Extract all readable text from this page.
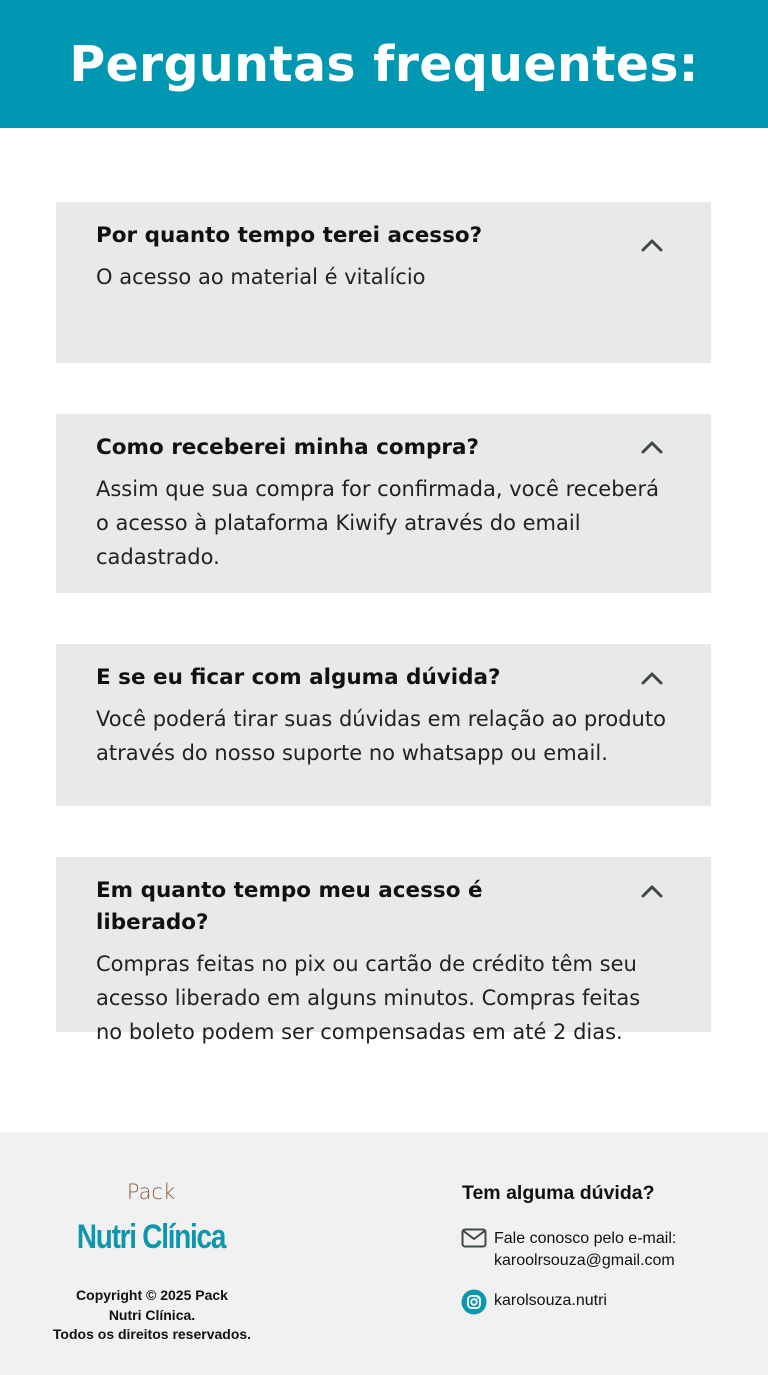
Perguntas frequentes:
Por quanto tempo terei acesso?
O acesso ao material é vitalício
Como receberei minha compra?
Assim que sua compra for confirmada, você receberá o acesso à plataforma Kiwify através do email cadastrado.
E se eu ficar com alguma dúvida?
Você poderá tirar suas dúvidas em relação ao produto através do nosso suporte no whatsapp ou email.
Em quanto tempo meu acesso é liberado?
Compras feitas no pix ou cartão de crédito têm seu acesso liberado em alguns minutos. Compras feitas no boleto podem ser compensadas em até 2 dias.
Pack
Nutri Clínica
Copyright © 2025 Pack
Nutri Clínica.
Todos os direitos reservados.
Tem alguma dúvida?
Fale conosco pelo e-mail:
karoolrsouza@gmail.com
karolsouza.nutri
